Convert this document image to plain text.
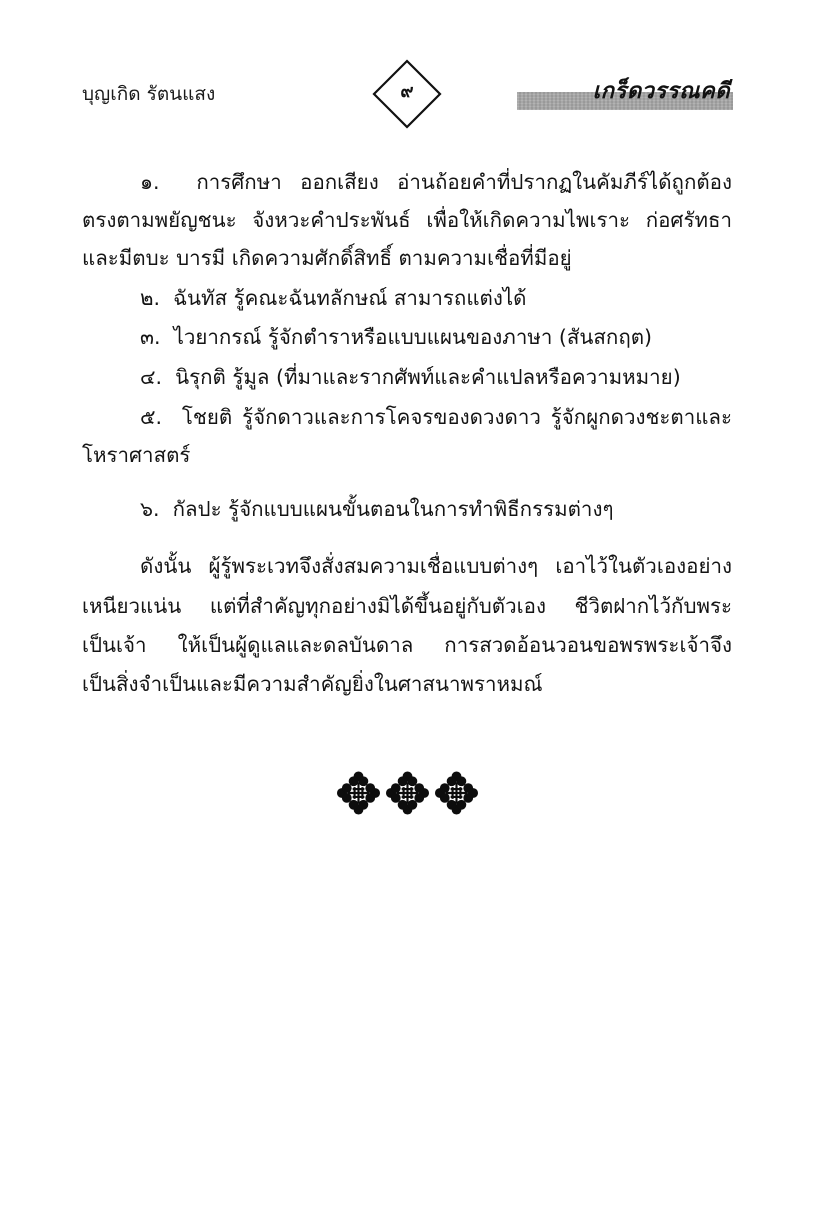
บุญเกิด รัตนแสง	๙	เกร็ดวรรณคดี
๑. การศึกษา ออกเสียง อ่านถ้อยคำที่ปรากฏในคัมภีร์ได้ถูกต้อง
ตรงตามพยัญชนะ จังหวะคำประพันธ์ เพื่อให้เกิดความไพเราะ ก่อศรัทธา
และมีตบะ บารมี เกิดความศักดิ์สิทธิ์ ตามความเชื่อที่มีอยู่
๒. ฉันทัส รู้คณะฉันทลักษณ์ สามารถแต่งได้
๓. ไวยากรณ์ รู้จักตำราหรือแบบแผนของภาษา (สันสกฤต)
๔. นิรุกติ รู้มูล (ที่มาและรากศัพท์และคำแปลหรือความหมาย)
๕. โชยติ รู้จักดาวและการโคจรของดวงดาว รู้จักผูกดวงชะตาและ
โหราศาสตร์
๖. กัลปะ รู้จักแบบแผนขั้นตอนในการทำพิธีกรรมต่างๆ
ดังนั้น ผู้รู้พระเวทจึงสั่งสมความเชื่อแบบต่างๆ เอาไว้ในตัวเองอย่าง
เหนียวแน่น แต่ที่สำคัญทุกอย่างมิได้ขึ้นอยู่กับตัวเอง ชีวิตฝากไว้กับพระ
เป็นเจ้า ให้เป็นผู้ดูแลและดลบันดาล การสวดอ้อนวอนขอพรพระเจ้าจึง
เป็นสิ่งจำเป็นและมีความสำคัญยิ่งในศาสนาพราหมณ์
